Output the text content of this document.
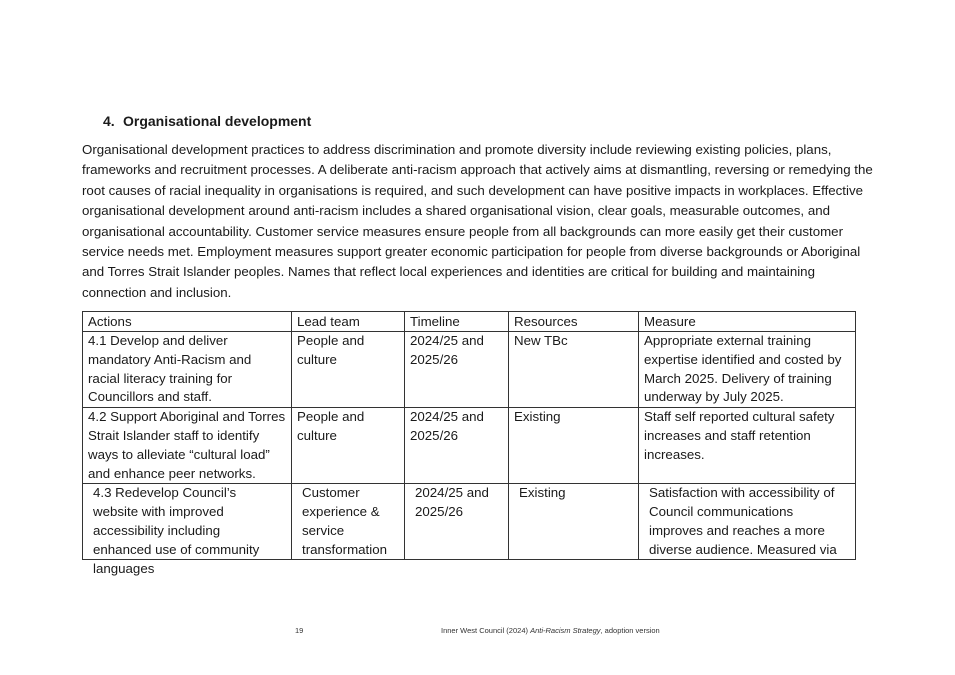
4. Organisational development

Organisational development practices to address discrimination and promote diversity include reviewing existing policies, plans, frameworks and recruitment processes. A deliberate anti-racism approach that actively aims at dismantling, reversing or remedying the root causes of racial inequality in organisations is required, and such development can have positive impacts in workplaces. Effective organisational development around anti-racism includes a shared organisational vision, clear goals, measurable outcomes, and organisational accountability. Customer service measures ensure people from all backgrounds can more easily get their customer service needs met. Employment measures support greater economic participation for people from diverse backgrounds or Aboriginal and Torres Strait Islander peoples. Names that reflect local experiences and identities are critical for building and maintaining connection and inclusion.

Actions	Lead team	Timeline	Resources	Measure
4.1 Develop and deliver mandatory Anti-Racism and racial literacy training for Councillors and staff.	People and culture	2024/25 and 2025/26	New TBc	Appropriate external training expertise identified and costed by March 2025. Delivery of training underway by July 2025.
4.2 Support Aboriginal and Torres Strait Islander staff to identify ways to alleviate “cultural load” and enhance peer networks.	People and culture	2024/25 and 2025/26	Existing	Staff self reported cultural safety increases and staff retention increases.

4.3 Redevelop Council’s website with improved accessibility including enhanced use of community languages	Customer experience & service transformation	2024/25 and 2025/26	Existing	Satisfaction with accessibility of Council communications improves and reaches a more diverse audience. Measured via
19	Inner West Council (2024) Anti-Racism Strategy, adoption version
